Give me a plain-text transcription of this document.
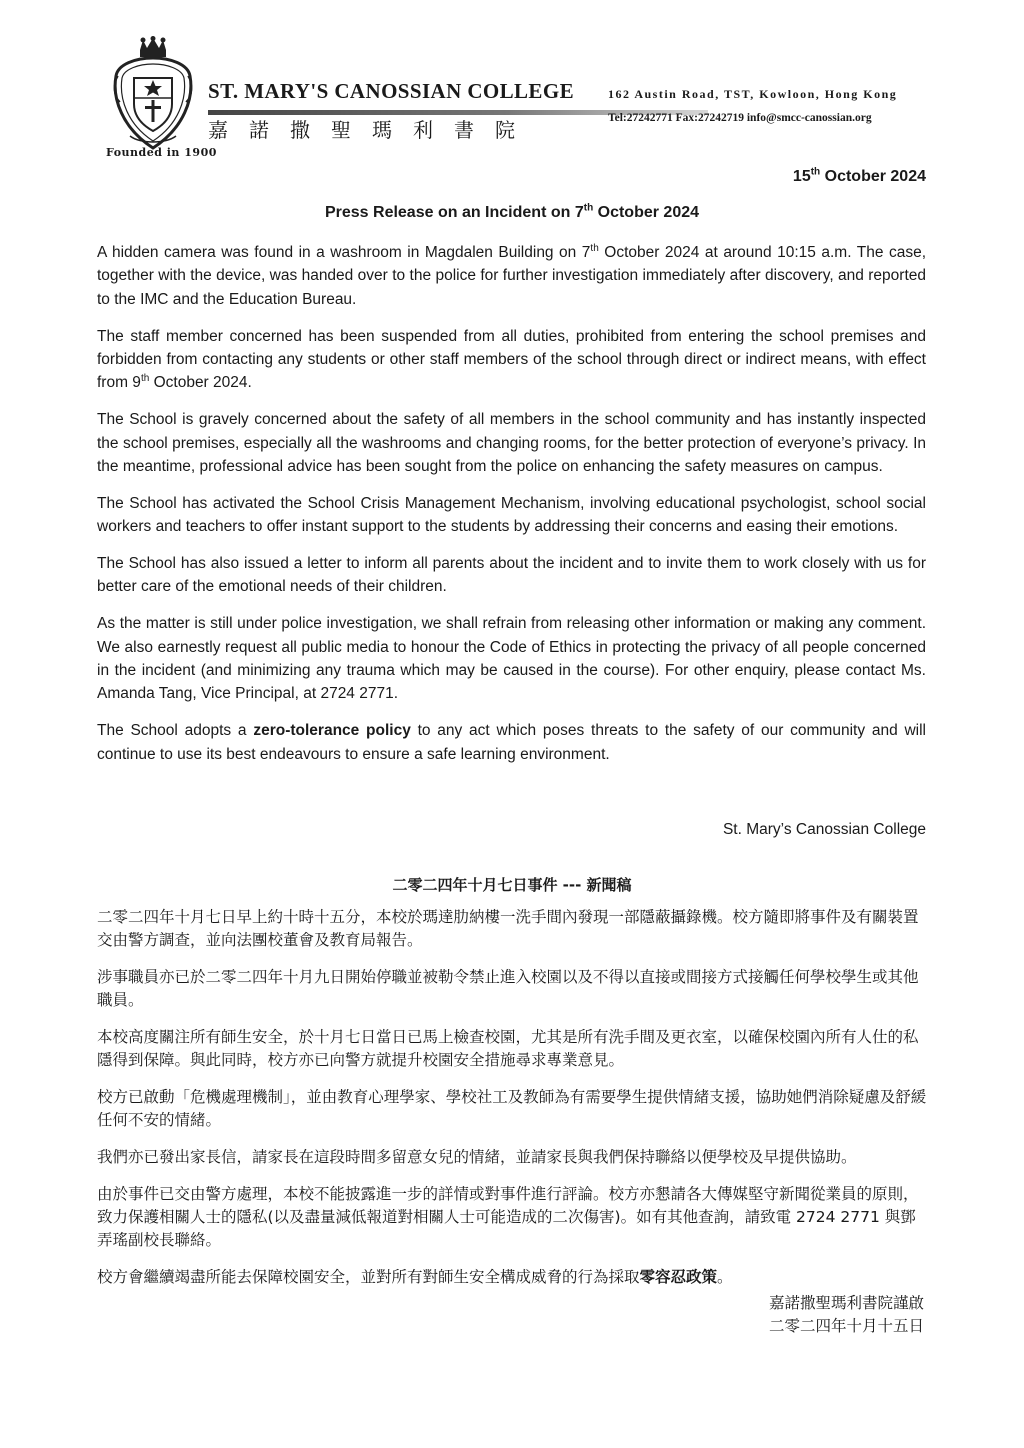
Founded in 1900
ST. MARY'S CANOSSIAN COLLEGE
嘉諾撒聖瑪利書院
162 Austin Road, TST, Kowloon, Hong Kong
Tel:27242771 Fax:27242719 info@smcc-canossian.org
15th October 2024
Press Release on an Incident on 7th October 2024

A hidden camera was found in a washroom in Magdalen Building on 7th October 2024 at around 10:15 a.m. The case, together with the device, was handed over to the police for further investigation immediately after discovery, and reported to the IMC and the Education Bureau.

The staff member concerned has been suspended from all duties, prohibited from entering the school premises and forbidden from contacting any students or other staff members of the school through direct or indirect means, with effect from 9th October 2024.

The School is gravely concerned about the safety of all members in the school community and has instantly inspected the school premises, especially all the washrooms and changing rooms, for the better protection of everyone’s privacy. In the meantime, professional advice has been sought from the police on enhancing the safety measures on campus.

The School has activated the School Crisis Management Mechanism, involving educational psychologist, school social workers and teachers to offer instant support to the students by addressing their concerns and easing their emotions.

The School has also issued a letter to inform all parents about the incident and to invite them to work closely with us for better care of the emotional needs of their children.

As the matter is still under police investigation, we shall refrain from releasing other information or making any comment. We also earnestly request all public media to honour the Code of Ethics in protecting the privacy of all people concerned in the incident (and minimizing any trauma which may be caused in the course). For other enquiry, please contact Ms. Amanda Tang, Vice Principal, at 2724 2771.

The School adopts a zero-tolerance policy to any act which poses threats to the safety of our community and will continue to use its best endeavours to ensure a safe learning environment.

St. Mary’s Canossian College
二零二四年十月七日事件 --- 新聞稿

二零二四年十月七日早上約十時十五分，本校於瑪達肋納樓一洗手間內發現一部隱蔽攝錄機。校方隨即將事件及有關裝置交由警方調查，並向法團校董會及教育局報告。

涉事職員亦已於二零二四年十月九日開始停職並被勒令禁止進入校園以及不得以直接或間接方式接觸任何學校學生或其他職員。

本校高度關注所有師生安全，於十月七日當日已馬上檢查校園，尤其是所有洗手間及更衣室，以確保校園內所有人仕的私隱得到保障。與此同時，校方亦已向警方就提升校園安全措施尋求專業意見。

校方已啟動「危機處理機制」，並由教育心理學家、學校社工及教師為有需要學生提供情緒支援，協助她們消除疑慮及舒緩任何不安的情緒。

我們亦已發出家長信，請家長在這段時間多留意女兒的情緒，並請家長與我們保持聯絡以便學校及早提供協助。

由於事件已交由警方處理，本校不能披露進一步的詳情或對事件進行評論。校方亦懇請各大傳媒堅守新聞從業員的原則， 致力保護相關人士的隱私(以及盡量減低報道對相關人士可能造成的二次傷害)。如有其他查詢，請致電 2724 2771 與鄧弄瑤副校長聯絡。

校方會繼續竭盡所能去保障校園安全，並對所有對師生安全構成威脅的行為採取零容忍政策。

嘉諾撒聖瑪利書院謹啟
二零二四年十月十五日
